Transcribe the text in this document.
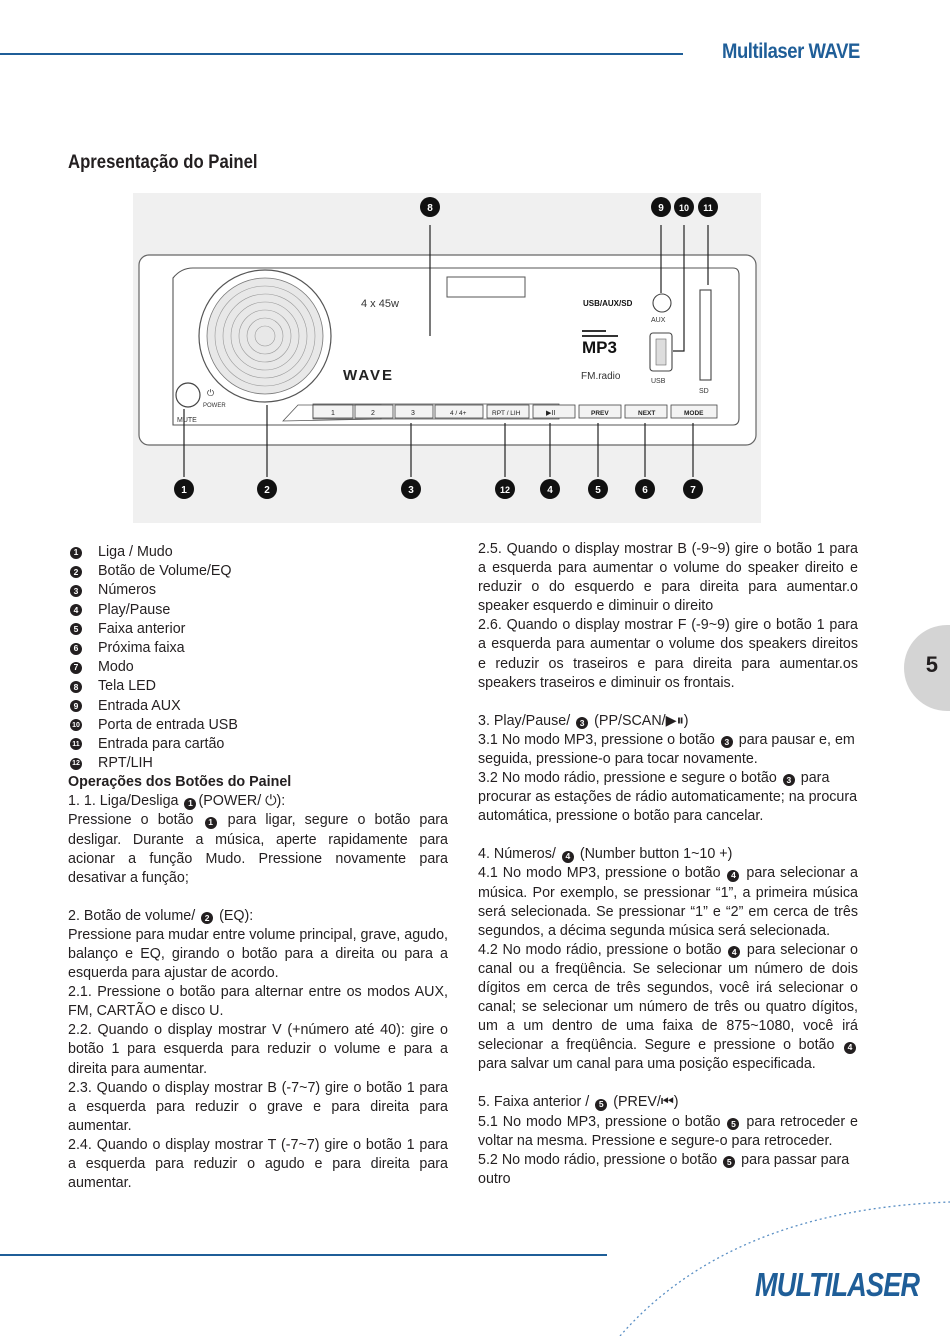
Multilaser WAVE
Apresentação do Painel
POWER
MUTE
⏻
4 x 45w	USB/AUX/SD
AUX
USB
SD
MP3
WAVE	FM.radio
1	2	3	4 / 4+	RPT / LIH	▶II	PREV	NEXT	MODE
8	9 10 11
1	2	3	12	4	5	6	7
1 Liga / Mudo
2 Botão de Volume/EQ
3 Números
4 Play/Pause
5 Faixa anterior
6 Próxima faixa
7 Modo
8 Tela LED
9 Entrada AUX
10 Porta de entrada USB
11 Entrada para cartão
12 RPT/LIH

Operações dos Botões do Painel

1. 1. Liga/Desliga 1 (POWER/ ⏻):

Pressione o botão 1 para ligar, segure o botão para desligar. Durante a música, aperte rapidamente para acionar a função Mudo. Pressione novamente para desativar a função;

2. Botão de volume/ 2 (EQ):

Pressione para mudar entre volume principal, grave, agudo, balanço e EQ, girando o botão para a direita ou para a esquerda para ajustar de acordo.

2.1. Pressione o botão para alternar entre os modos AUX, FM, CARTÃO e disco U.

2.2. Quando o display mostrar V (+número até 40): gire o botão 1 para esquerda para reduzir o volume e para a direita para aumentar.

2.3. Quando o display mostrar B (-7~7) gire o botão 1 para a esquerda para reduzir o grave e para direita para aumentar.

2.4. Quando o display mostrar T (-7~7) gire o botão 1 para a esquerda para reduzir o agudo e para direita para aumentar.

2.5. Quando o display mostrar B (-9~9) gire o botão 1 para a esquerda para aumentar o volume do speaker direito e reduzir o do esquerdo e para direita para aumentar.o speaker esquerdo e diminuir o direito

2.6. Quando o display mostrar F (-9~9) gire o botão 1 para a esquerda para aumentar o volume dos speakers direitos e reduzir os traseiros e para direita para aumentar.os speakers traseiros e diminuir os frontais.

3. Play/Pause/ 3 (PP/SCAN/▶⏸)

3.1 No modo MP3, pressione o botão 3 para pausar e, em seguida, pressione-o para tocar novamente.

3.2 No modo rádio, pressione e segure o botão 3 para procurar as estações de rádio automaticamente; na procura automática, pressione o botão para cancelar.

4. Números/ 4 (Number button 1~10 +)

4.1 No modo MP3, pressione o botão 4 para selecionar a música. Por exemplo, se pressionar “1”, a primeira música será selecionada. Se pressionar “1” e “2” em cerca de três segundos, a décima segunda música será selecionada.

4.2 No modo rádio, pressione o botão 4 para selecionar o canal ou a freqüência. Se selecionar um número de dois dígitos em cerca de três segundos, você irá selecionar o canal; se selecionar um número de três ou quatro dígitos, um a um dentro de uma faixa de 875~1080, você irá selecionar a freqüência. Segure e pressione o botão 4 para salvar um canal para uma posição especificada.

5. Faixa anterior / 5 (PREV/⏮)

5.1 No modo MP3, pressione o botão 5 para retroceder e voltar na mesma. Pressione e segure-o para retroceder.

5.2 No modo rádio, pressione o botão 5 para passar para outro

5
MULTILASER
